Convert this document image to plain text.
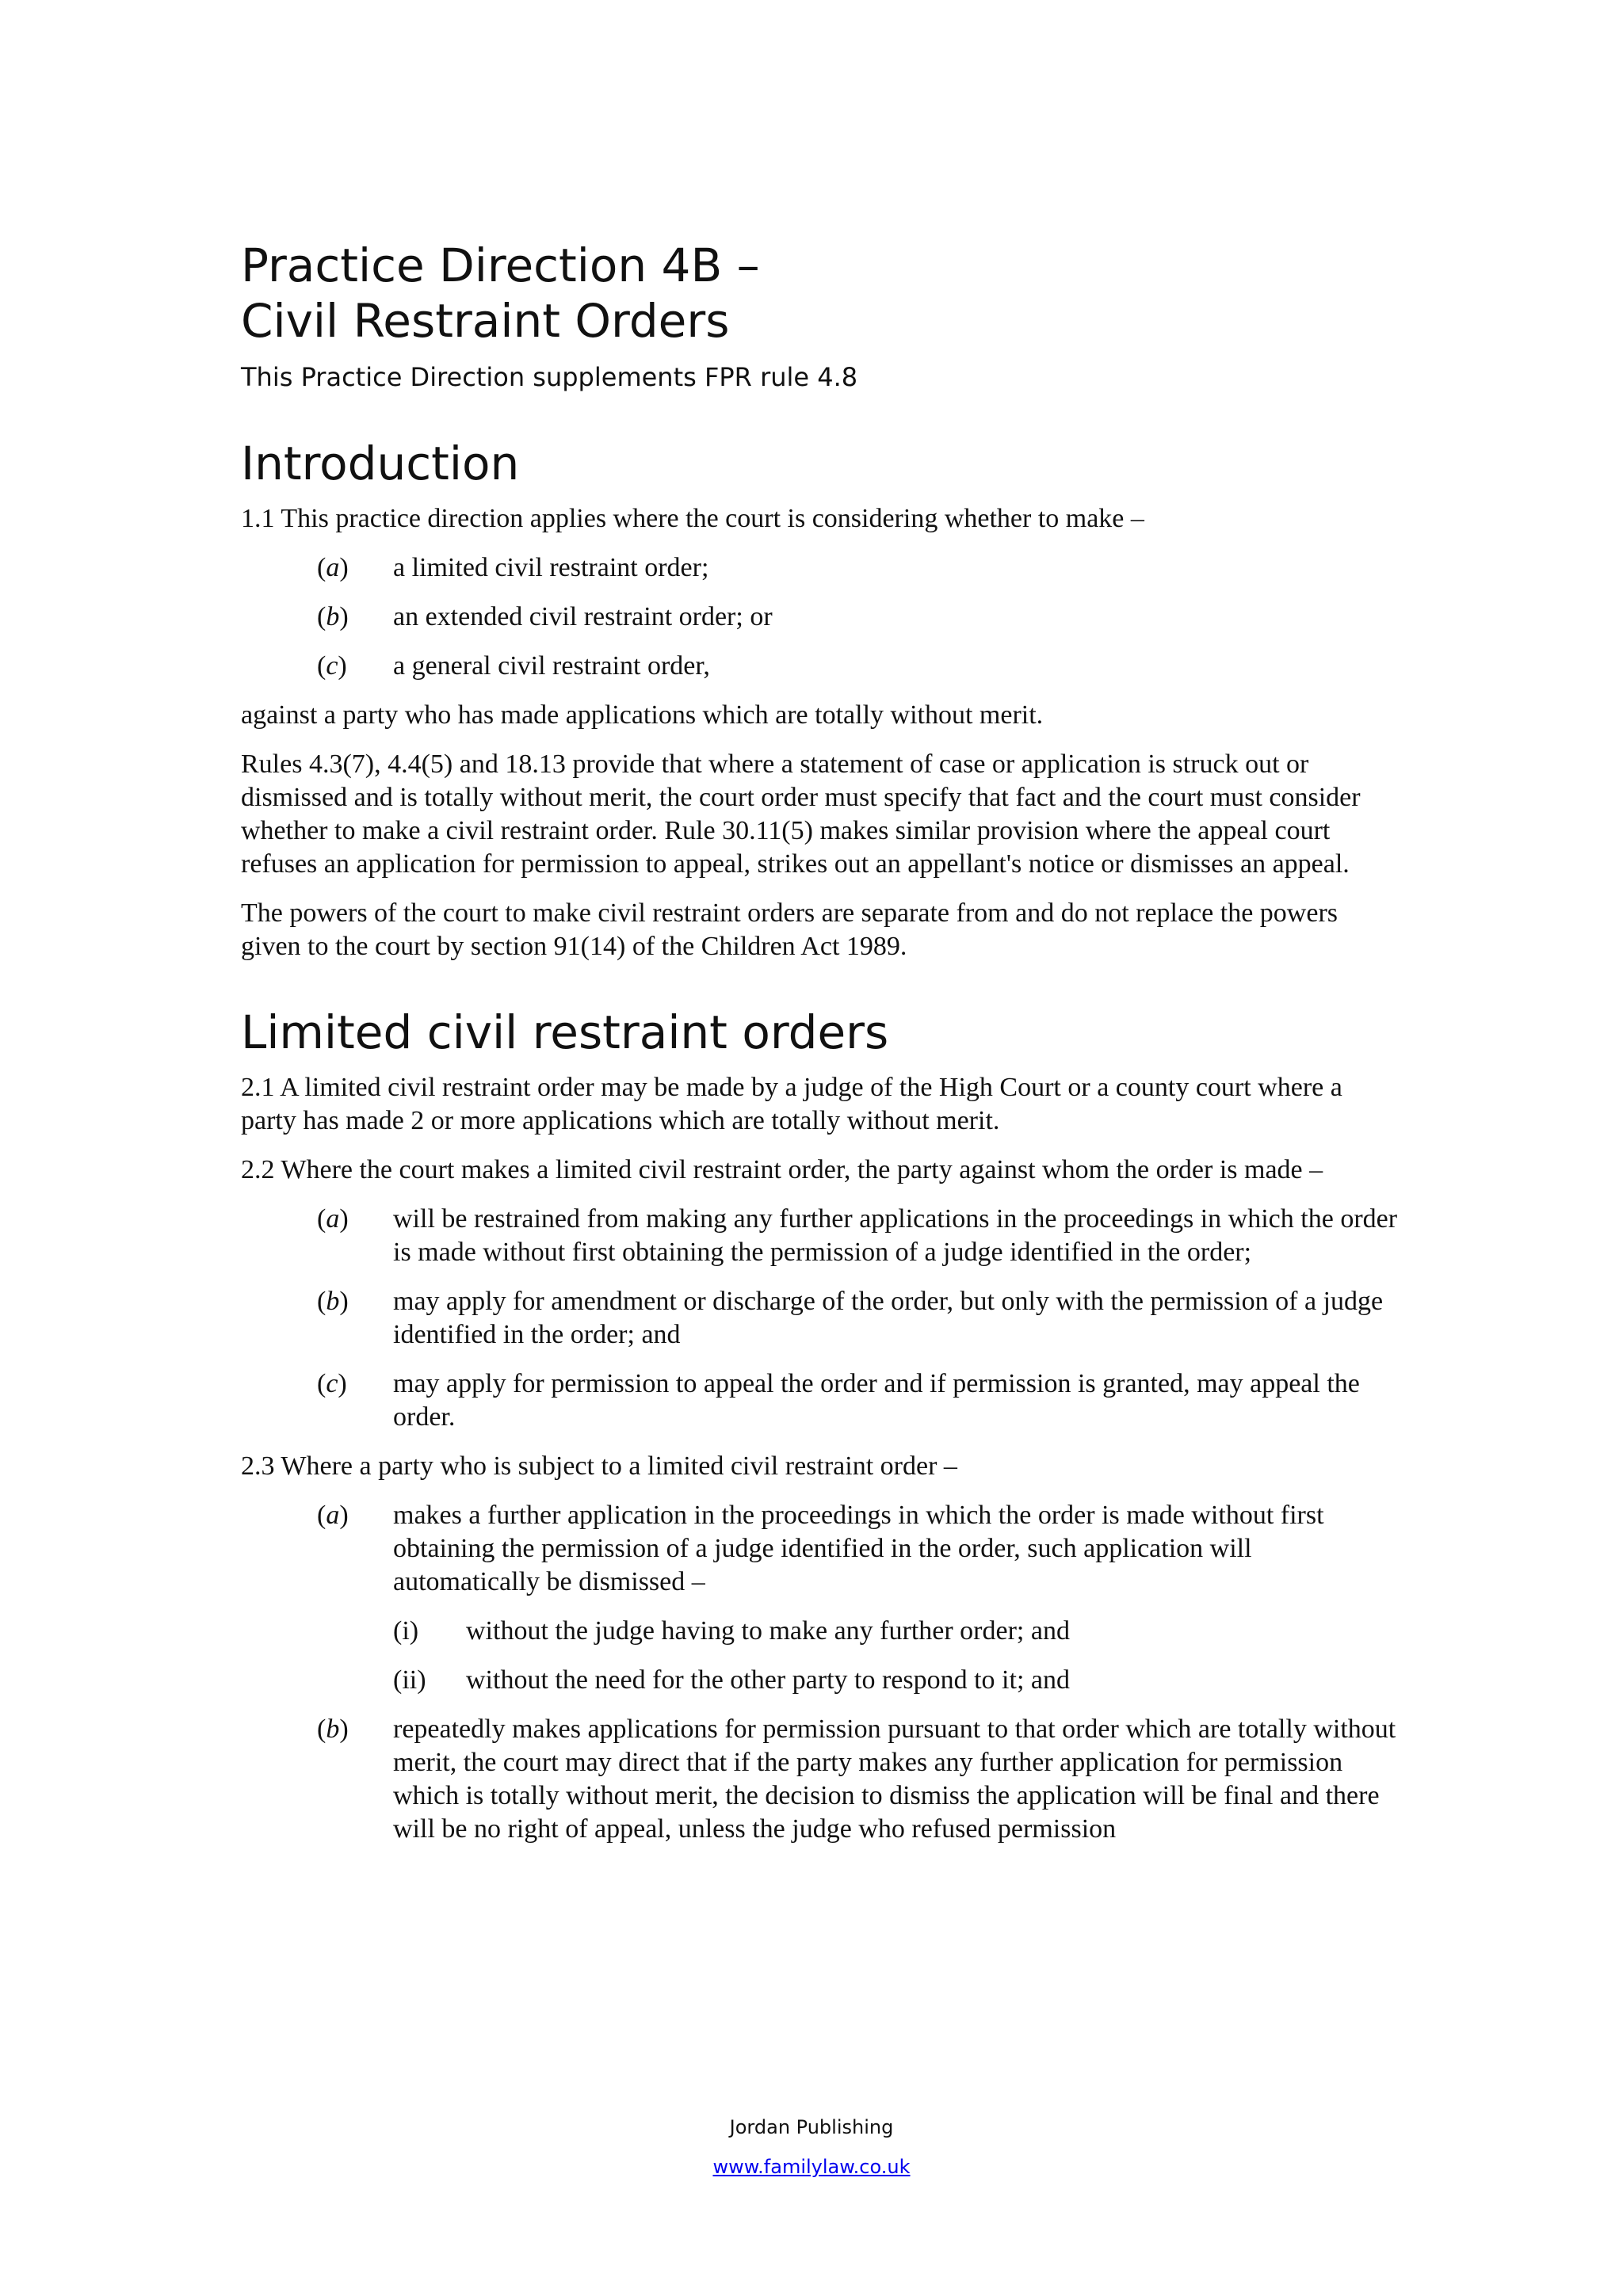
Practice Direction 4B –
Civil Restraint Orders
This Practice Direction supplements FPR rule 4.8
Introduction

1.1 This practice direction applies where the court is considering whether to make –

(a)	a limited civil restraint order;
(b)	an extended civil restraint order; or
(c)	a general civil restraint order,

against a party who has made applications which are totally without merit.

Rules 4.3(7), 4.4(5) and 18.13 provide that where a statement of case or application is struck out or dismissed and is totally without merit, the court order must specify that fact and the court must consider whether to make a civil restraint order. Rule 30.11(5) makes similar provision where the appeal court refuses an application for permission to appeal, strikes out an appellant's notice or dismisses an appeal.

The powers of the court to make civil restraint orders are separate from and do not replace the powers given to the court by section 91(14) of the Children Act 1989.

Limited civil restraint orders

2.1 A limited civil restraint order may be made by a judge of the High Court or a county court where a party has made 2 or more applications which are totally without merit.

2.2 Where the court makes a limited civil restraint order, the party against whom the order is made –

(a)	will be restrained from making any further applications in the proceedings in which the order is made without first obtaining the permission of a judge identified in the order;
(b)	may apply for amendment or discharge of the order, but only with the permission of a judge identified in the order; and
(c)	may apply for permission to appeal the order and if permission is granted, may appeal the order.

2.3 Where a party who is subject to a limited civil restraint order –

(a)	makes a further application in the proceedings in which the order is made without first obtaining the permission of a judge identified in the order, such application will automatically be dismissed –
(i)	without the judge having to make any further order; and
(ii)	without the need for the other party to respond to it; and
(b)	repeatedly makes applications for permission pursuant to that order which are totally without merit, the court may direct that if the party makes any further application for permission which is totally without merit, the decision to dismiss the application will be final and there will be no right of appeal, unless the judge who refused permission
Jordan Publishing
www.familylaw.co.uk
